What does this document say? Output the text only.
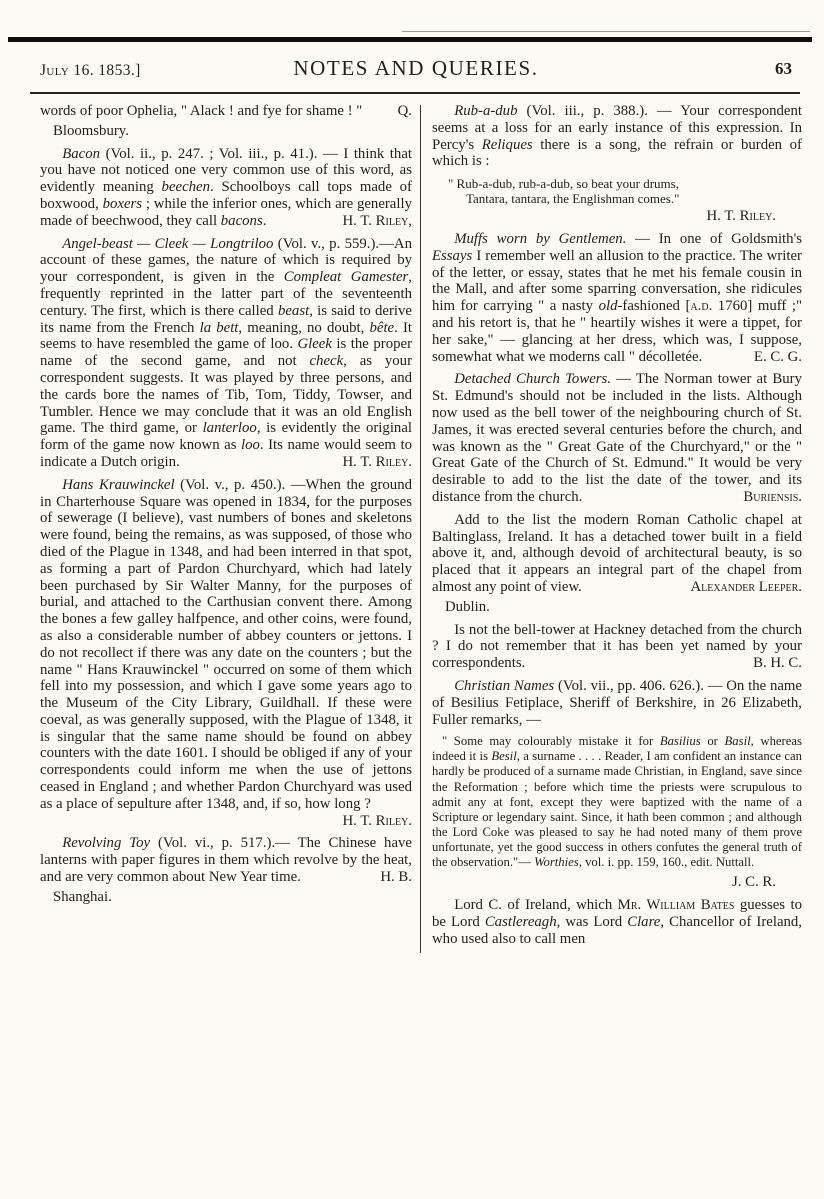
July 16. 1853.]	NOTES AND QUERIES.	63

words of poor Ophelia, " Alack ! and fye for shame ! "	Q.

Bloomsbury.

Bacon (Vol. ii., p. 247. ; Vol. iii., p. 41.). — I think that you have not noticed one very common use of this word, as evidently meaning beechen. Schoolboys call tops made of boxwood, boxers ; while the inferior ones, which are generally made of beechwood, they call bacons.	H. T. Riley,

Angel-beast — Cleek — Longtriloo (Vol. v., p. 559.).—An account of these games, the nature of which is required by your correspondent, is given in the Compleat Gamester, frequently reprinted in the latter part of the seventeenth century. The first, which is there called beast, is said to derive its name from the French la bett, meaning, no doubt, bête. It seems to have resembled the game of loo. Gleek is the proper name of the second game, and not check, as your correspondent suggests. It was played by three persons, and the cards bore the names of Tib, Tom, Tiddy, Towser, and Tumbler. Hence we may conclude that it was an old English game. The third game, or lanterloo, is evidently the original form of the game now known as loo. Its name would seem to indicate a Dutch origin.	H. T. Riley.

Hans Krauwinckel (Vol. v., p. 450.). —When the ground in Charterhouse Square was opened in 1834, for the purposes of sewerage (I believe), vast numbers of bones and skeletons were found, being the remains, as was supposed, of those who died of the Plague in 1348, and had been interred in that spot, as forming a part of Pardon Churchyard, which had lately been purchased by Sir Walter Manny, for the purposes of burial, and attached to the Carthusian convent there. Among the bones a few galley halfpence, and other coins, were found, as also a considerable number of abbey counters or jettons. I do not recollect if there was any date on the counters ; but the name " Hans Krauwinckel " occurred on some of them which fell into my possession, and which I gave some years ago to the Museum of the City Library, Guildhall. If these were coeval, as was generally supposed, with the Plague of 1348, it is singular that the same name should be found on abbey counters with the date 1601. I should be obliged if any of your correspondents could inform me when the use of jettons ceased in England ; and whether Pardon Churchyard was used as a place of sepulture after 1348, and, if so, how long ?
H. T. Riley.

Revolving Toy (Vol. vi., p. 517.).— The Chinese have lanterns with paper figures in them which revolve by the heat, and are very common about New Year time.	H. B.

Shanghai.

Rub-a-dub (Vol. iii., p. 388.). — Your correspondent seems at a loss for an early instance of this expression. In Percy's Reliques there is a song, the refrain or burden of which is :

" Rub-a-dub, rub-a-dub, so beat your drums,

Tantara, tantara, the Englishman comes."

H. T. Riley.

Muffs worn by Gentlemen. — In one of Goldsmith's Essays I remember well an allusion to the practice. The writer of the letter, or essay, states that he met his female cousin in the Mall, and after some sparring conversation, she ridicules him for carrying " a nasty old-fashioned [a.d. 1760] muff ;" and his retort is, that he " heartily wishes it were a tippet, for her sake," — glancing at her dress, which was, I suppose, somewhat what we moderns call " décolletée.	E. C. G.

Detached Church Towers. — The Norman tower at Bury St. Edmund's should not be included in the lists. Although now used as the bell tower of the neighbouring church of St. James, it was erected several centuries before the church, and was known as the " Great Gate of the Churchyard," or the " Great Gate of the Church of St. Edmund." It would be very desirable to add to the list the date of the tower, and its distance from the church.	Buriensis.

Add to the list the modern Roman Catholic chapel at Baltinglass, Ireland. It has a detached tower built in a field above it, and, although devoid of architectural beauty, is so placed that it appears an integral part of the chapel from almost any point of view.	Alexander Leeper.

Dublin.

Is not the bell-tower at Hackney detached from the church ? I do not remember that it has been yet named by your correspondents.	B. H. C.

Christian Names (Vol. vii., pp. 406. 626.). — On the name of Besilius Fetiplace, Sheriff of Berkshire, in 26 Elizabeth, Fuller remarks, —

" Some may colourably mistake it for Basilius or Basil, whereas indeed it is Besil, a surname . . . . Reader, I am confident an instance can hardly be produced of a surname made Christian, in England, save since the Reformation ; before which time the priests were scrupulous to admit any at font, except they were baptized with the name of a Scripture or legendary saint. Since, it hath been common ; and although the Lord Coke was pleased to say he had noted many of them prove unfortunate, yet the good success in others confutes the general truth of the observation."— Worthies, vol. i. pp. 159, 160., edit. Nuttall.

J. C. R.

Lord C. of Ireland, which Mr. William Bates guesses to be Lord Castlereagh, was Lord Clare, Chancellor of Ireland, who used also to call men
